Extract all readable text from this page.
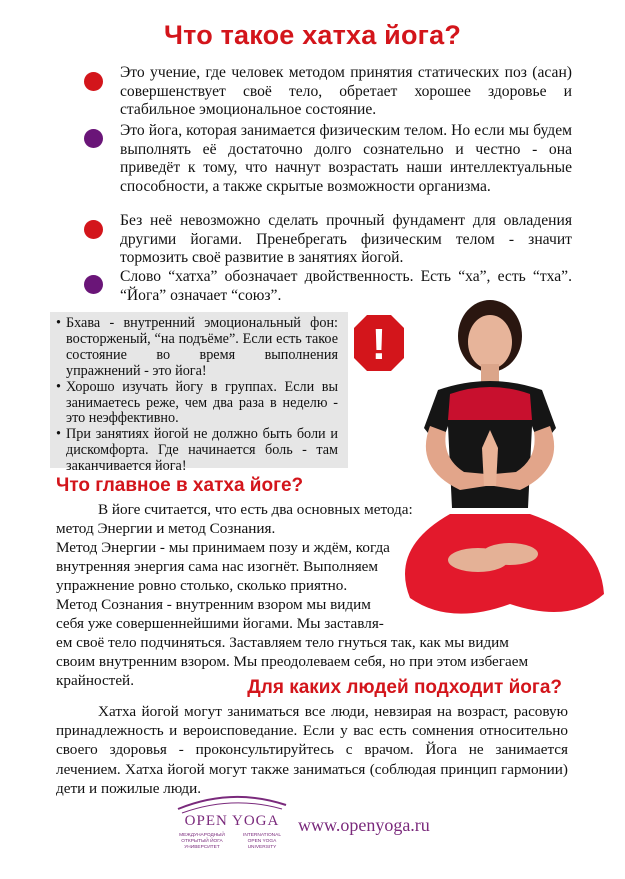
Что такое хатха йога?
Это учение, где человек методом принятия статических поз (асан) совершенствует своё тело, обретает хорошее здоровье и стабильное эмоциональное состояние.
Это йога, которая занимается физическим телом. Но если мы будем выполнять её достаточно долго сознательно и честно - она приведёт к тому, что начнут возрастать наши интеллектуальные способности, а также скрытые возможности организма.
Без неё невозможно сделать прочный фундамент для овладения другими йогами. Пренебрегать физическим телом - значит тормозить своё развитие в занятиях йогой.
Слово “хатха” обозначает двойственность. Есть “ха”, есть “тха”. “Йога” означает “союз”.
• Бхава - внутренний эмоциональный фон: восторженый, “на подъёме”. Если есть такое состояние во время выполнения упражнений - это йога!
• Хорошо изучать йогу в группах. Если вы занимаетесь реже, чем два раза в неделю - это неэффективно.
• При занятиях йогой не должно быть боли и дискомфорта. Где начинается боль - там заканчивается йога!
!
Что главное в хатха йоге?
В йоге считается, что есть два основных метода:
метод Энергии и метод Сознания.
Метод Энергии - мы принимаем позу и ждём, когда
внутренняя энергия сама нас изогнёт. Выполняем
упражнение ровно столько, сколько приятно.
Метод Сознания - внутренним взором мы видим
себя уже совершеннейшими йогами. Мы заставля-
ем своё тело подчиняться. Заставляем тело гнуться так, как мы видим
своим внутренним взором. Мы преодолеваем себя, но при этом избегаем
крайностей.	Для каких людей подходит йога?
Хатха йогой могут заниматься все люди, невзирая на возраст, расовую принадлежность и вероисповедание. Если у вас есть сомнения относительно своего здоровья - проконсультируйтесь с врачом. Йога не занимается лечением. Хатха йогой могут также заниматься (соблюдая принцип гармонии) дети и пожилые люди.
OPEN YOGA
МЕЖДУНАРОДНЫЙ
ОТКРЫТЫЙ ЙОГА
УНИВЕРСИТЕТ
INTERNATIONAL
OPEN YOGA
UNIVERSITY
www.openyoga.ru
